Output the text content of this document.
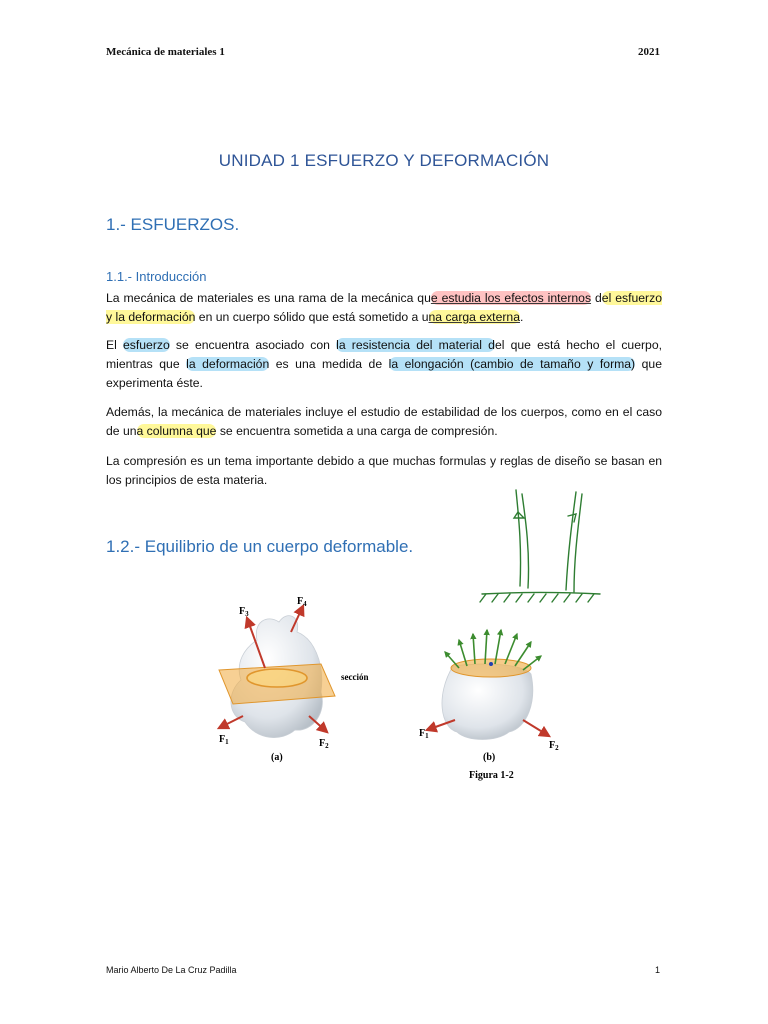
Mecánica de materiales 1	2021
UNIDAD 1 ESFUERZO Y DEFORMACIÓN
1.- ESFUERZOS.
1.1.- Introducción
La mecánica de materiales es una rama de la mecánica que estudia los efectos internos del esfuerzo y la deformación en un cuerpo sólido que está sometido a una carga externa.
El esfuerzo se encuentra asociado con la resistencia del material del que está hecho el cuerpo, mientras que la deformación es una medida de la elongación (cambio de tamaño y forma) que experimenta éste.
Además, la mecánica de materiales incluye el estudio de estabilidad de los cuerpos, como en el caso de una columna que se encuentra sometida a una carga de compresión.
La compresión es un tema importante debido a que muchas formulas y reglas de diseño se basan en los principios de esta materia.
1.2.- Equilibrio de un cuerpo deformable.
$F_3$
$F_4$
sección
$F_1$	$F_2$
(a)
$F_1$
$F_2$
(b)
Figura 1-2
Mario Alberto De La Cruz Padilla	1
